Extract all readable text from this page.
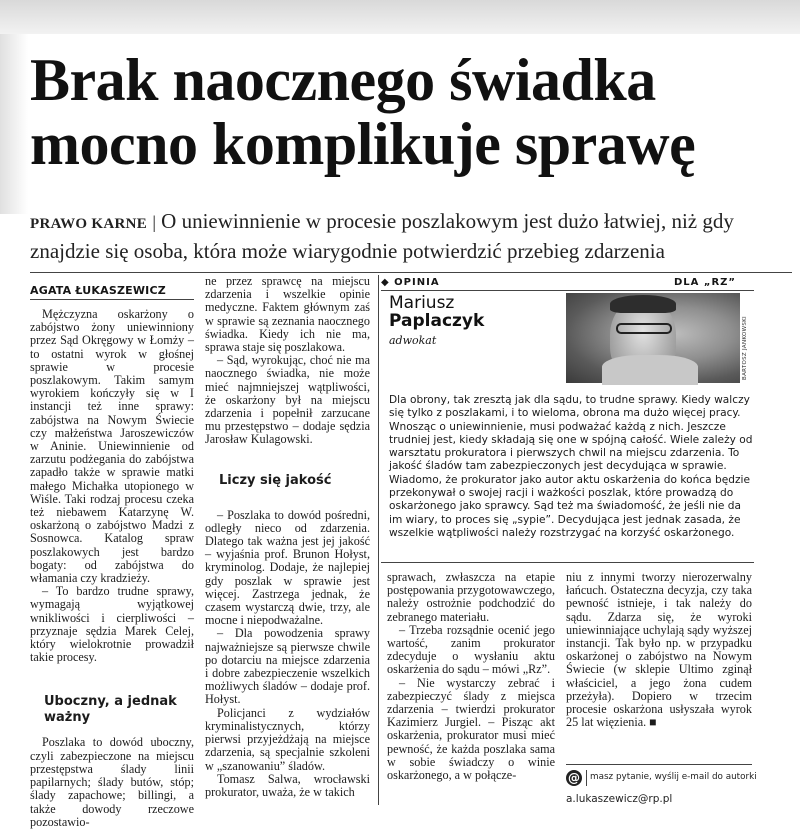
Brak naocznego świadka
mocno komplikuje sprawę
PRAWO KARNE | O uniewinnienie w procesie poszlakowym jest dużo łatwiej, niż gdy znajdzie się osoba, która może wiarygodnie potwierdzić przebieg zdarzenia
AGATA ŁUKASZEWICZ

Mężczyzna oskarżony o zabójstwo żony uniewinniony przez Sąd Okręgowy w Łomży – to ostatni wyrok w głośnej sprawie w procesie poszlakowym. Takim samym wyrokiem kończyły się w I instancji też inne sprawy: zabójstwa na Nowym Świecie czy małżeństwa Jaroszewiczów w Aninie. Uniewinnienie od zarzutu podżegania do zabójstwa zapadło także w sprawie matki małego Michałka utopionego w Wiśle. Taki rodzaj procesu czeka też niebawem Katarzynę W. oskarżoną o zabójstwo Madzi z Sosnowca. Katalog spraw poszlakowych jest bardzo bogaty: od zabójstwa do włamania czy kradzieży.

– To bardzo trudne sprawy, wymagają wyjątkowej wnikliwości i cierpliwości – przyznaje sędzia Marek Celej, który wielokrotnie prowadził takie procesy.

Uboczny, a jednak ważny

Poszlaka to dowód uboczny, czyli zabezpieczone na miejscu przestępstwa ślady linii papilarnych; ślady butów, stóp; ślady zapachowe; billingi, a także dowody rzeczowe pozostawio-

ne przez sprawcę na miejscu zdarzenia i wszelkie opinie medyczne. Faktem głównym zaś w sprawie są zeznania naocznego świadka. Kiedy ich nie ma, sprawa staje się poszlakowa.

– Sąd, wyrokując, choć nie ma naocznego świadka, nie może mieć najmniejszej wątpliwości, że oskarżony był na miejscu zdarzenia i popełnił zarzucane mu przestępstwo – dodaje sędzia Jarosław Kulagowski.

Liczy się jakość

– Poszlaka to dowód pośredni, odległy nieco od zdarzenia. Dlatego tak ważna jest jej jakość – wyjaśnia prof. Brunon Hołyst, kryminolog. Dodaje, że najlepiej gdy poszlak w sprawie jest więcej. Zastrzega jednak, że czasem wystarczą dwie, trzy, ale mocne i niepodważalne.

– Dla powodzenia sprawy najważniejsze są pierwsze chwile po dotarciu na miejsce zdarzenia i dobre zabezpieczenie wszelkich możliwych śladów – dodaje prof. Hołyst.

Policjanci z wydziałów kryminalistycznych, którzy pierwsi przyjeżdżają na miejsce zdarzenia, są specjalnie szkoleni w „szanowaniu” śladów.

Tomasz Salwa, wrocławski prokurator, uważa, że w takich

◆ OPINIA	DLA „RZ”
Mariusz
Paplaczyk
adwokat	BARTOSZ JANKOWSKI
Dla obrony, tak zresztą jak dla sądu, to trudne sprawy. Kiedy walczy się tylko z poszlakami, i to wieloma, obrona ma dużo więcej pracy. Wnosząc o uniewinnienie, musi podważać każdą z nich. Jeszcze trudniej jest, kiedy składają się one w spójną całość. Wiele zależy od warsztatu prokuratora i pierwszych chwil na miejscu zdarzenia. To jakość śladów tam zabezpieczonych jest decydująca w sprawie. Wiadomo, że prokurator jako autor aktu oskarżenia do końca będzie przekonywał o swojej racji i ważkości poszlak, które prowadzą do oskarżonego jako sprawcy. Sąd też ma świadomość, że jeśli nie da im wiary, to proces się „sypie”. Decydująca jest jednak zasada, że wszelkie wątpliwości należy rozstrzygać na korzyść oskarżonego.

sprawach, zwłaszcza na etapie postępowania przygotowawczego, należy ostrożnie podchodzić do zebranego materiału.

– Trzeba rozsądnie ocenić jego wartość, zanim prokurator zdecyduje o wysłaniu aktu oskarżenia do sądu – mówi „Rz”.

– Nie wystarczy zebrać i zabezpieczyć ślady z miejsca zdarzenia – twierdzi prokurator Kazimierz Jurgiel. – Pisząc akt oskarżenia, prokurator musi mieć pewność, że każda poszlaka sama w sobie świadczy o winie oskarżonego, a w połącze-

niu z innymi tworzy nierozerwalny łańcuch. Ostateczna decyzja, czy taka pewność istnieje, i tak należy do sądu. Zdarza się, że wyroki uniewinniające uchylają sądy wyższej instancji. Tak było np. w przypadku oskarżonej o zabójstwo na Nowym Świecie (w sklepie Ultimo zginął właściciel, a jego żona cudem przeżyła). Dopiero w trzecim procesie oskarżona usłyszała wyrok 25 lat więzienia. ■

@ masz pytanie, wyślij e-mail do autorki
a.lukaszewicz@rp.pl
